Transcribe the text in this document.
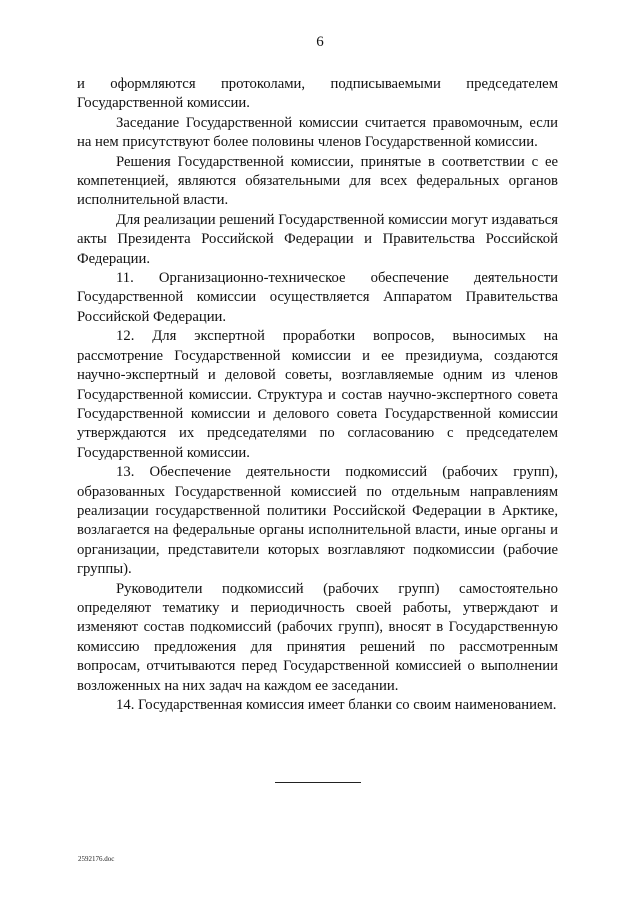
6

и оформляются протоколами, подписываемыми председателем Государственной комиссии.

Заседание Государственной комиссии считается правомочным, если на нем присутствуют более половины членов Государственной комиссии.

Решения Государственной комиссии, принятые в соответствии с ее компетенцией, являются обязательными для всех федеральных органов исполнительной власти.

Для реализации решений Государственной комиссии могут издаваться акты Президента Российской Федерации и Правительства Российской Федерации.

11. Организационно-техническое обеспечение деятельности Государственной комиссии осуществляется Аппаратом Правительства Российской Федерации.

12. Для экспертной проработки вопросов, выносимых на рассмотрение Государственной комиссии и ее президиума, создаются научно-экспертный и деловой советы, возглавляемые одним из членов Государственной комиссии. Структура и состав научно-экспертного совета Государственной комиссии и делового совета Государственной комиссии утверждаются их председателями по согласованию с председателем Государственной комиссии.

13. Обеспечение деятельности подкомиссий (рабочих групп), образованных Государственной комиссией по отдельным направлениям реализации государственной политики Российской Федерации в Арктике, возлагается на федеральные органы исполнительной власти, иные органы и организации, представители которых возглавляют подкомиссии (рабочие группы).

Руководители подкомиссий (рабочих групп) самостоятельно определяют тематику и периодичность своей работы, утверждают и изменяют состав подкомиссий (рабочих групп), вносят в Государственную комиссию предложения для принятия решений по рассмотренным вопросам, отчитываются перед Государственной комиссией о выполнении возложенных на них задач на каждом ее заседании.

14. Государственная комиссия имеет бланки со своим наименованием.

2592176.doc
